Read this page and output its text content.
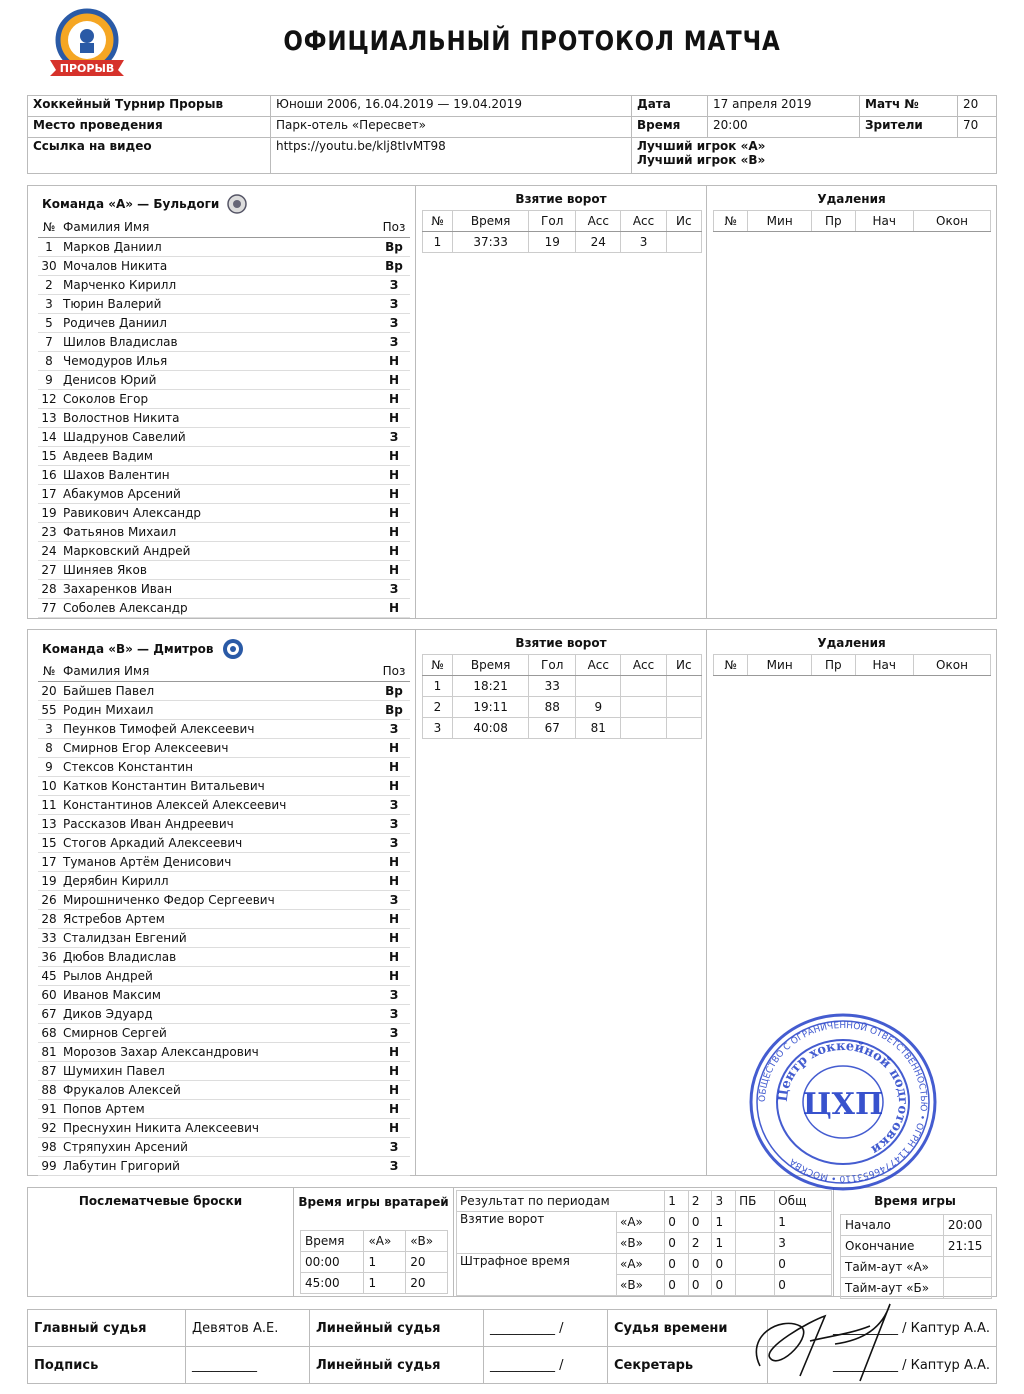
ПРОРЫВ
ОФИЦИАЛЬНЫЙ ПРОТОКОЛ МАТЧА
Хоккейный Турнир Прорыв	Юноши 2006, 16.04.2019 — 19.04.2019	Дата	17 апреля 2019	Матч №	20
Место проведения	Парк-отель «Пересвет»	Время	20:00	Зрители	70
Ссылка на видео	https://youtu.be/klj8tIvMT98	Лучший игрок «А»
Лучший игрок «В»			
Команда «А» — Бульдоги
№	Фамилия Имя	Поз
1	Марков Даниил	Вр
30	Мочалов Никита	Вр
2	Марченко Кирилл	З
3	Тюрин Валерий	З
5	Родичев Даниил	З
7	Шилов Владислав	З
8	Чемодуров Илья	Н
9	Денисов Юрий	Н
12	Соколов Егор	Н
13	Волостнов Никита	Н
14	Шадрунов Савелий	З
15	Авдеев Вадим	Н
16	Шахов Валентин	Н
17	Абакумов Арсений	Н
19	Равикович Александр	Н
23	Фатьянов Михаил	Н
24	Марковский Андрей	Н
27	Шиняев Яков	Н
28	Захаренков Иван	З
77	Соболев Александр	Н
Взятие ворот
№	Время	Гол	Асс	Асс	Ис
1	37:33	19	24	3	
Удаления
№	Мин	Пр	Нач	Окон
Команда «В» — Дмитров
№	Фамилия Имя	Поз
20	Байшев Павел	Вр
55	Родин Михаил	Вр
3	Пеунков Тимофей Алексеевич	З
8	Смирнов Егор Алексеевич	Н
9	Стексов Константин	Н
10	Катков Константин Витальевич	Н
11	Константинов Алексей Алексеевич	З
13	Рассказов Иван Андреевич	З
15	Стогов Аркадий Алексеевич	З
17	Туманов Артём Денисович	Н
19	Дерябин Кирилл	Н
26	Мирошниченко Федор Сергеевич	З
28	Ястребов Артем	Н
33	Сталидзан Евгений	Н
36	Дюбов Владислав	Н
45	Рылов Андрей	Н
60	Иванов Максим	З
67	Диков Эдуард	З
68	Смирнов Сергей	З
81	Морозов Захар Александрович	Н
87	Шумихин Павел	Н
88	Фрукалов Алексей	Н
91	Попов Артем	Н
92	Преснухин Никита Алексеевич	Н
98	Стряпухин Арсений	З
99	Лабутин Григорий	З
Взятие ворот
№	Время	Гол	Асс	Асс	Ис
1	18:21	33			
2	19:11	88	9		
3	40:08	67	81		
Удаления
№	Мин	Пр	Нач	Окон
Послематчевые броски	Время игры вратарей
Время	«А»	«В»
00:00	1	20
45:00	1	20
Результат по периодам		1	2	3	ПБ	Общ
Взятие ворот	«А»	0	0	1		1
	«В»	0	2	1		3
Штрафное время	«А»	0	0	0		0
	«В»	0	0	0		0
Время игры
Начало	20:00
Окончание	21:15
Тайм-аут «А»	
Тайм-аут «Б»	
ОБЩЕСТВО С ОГРАНИЧЕННОЙ ОТВЕТСТВЕННОСТЬЮ • ОГРН 1147746653110 • МОСКВА
Центр хоккейной подготовки
ЦХП
Главный судья	Девятов А.Е.	Линейный судья	__________ /	Судья времени	__________ / Каптур А.А.
Подпись	__________	Линейный судья	__________ /	Секретарь	__________ / Каптур А.А.
